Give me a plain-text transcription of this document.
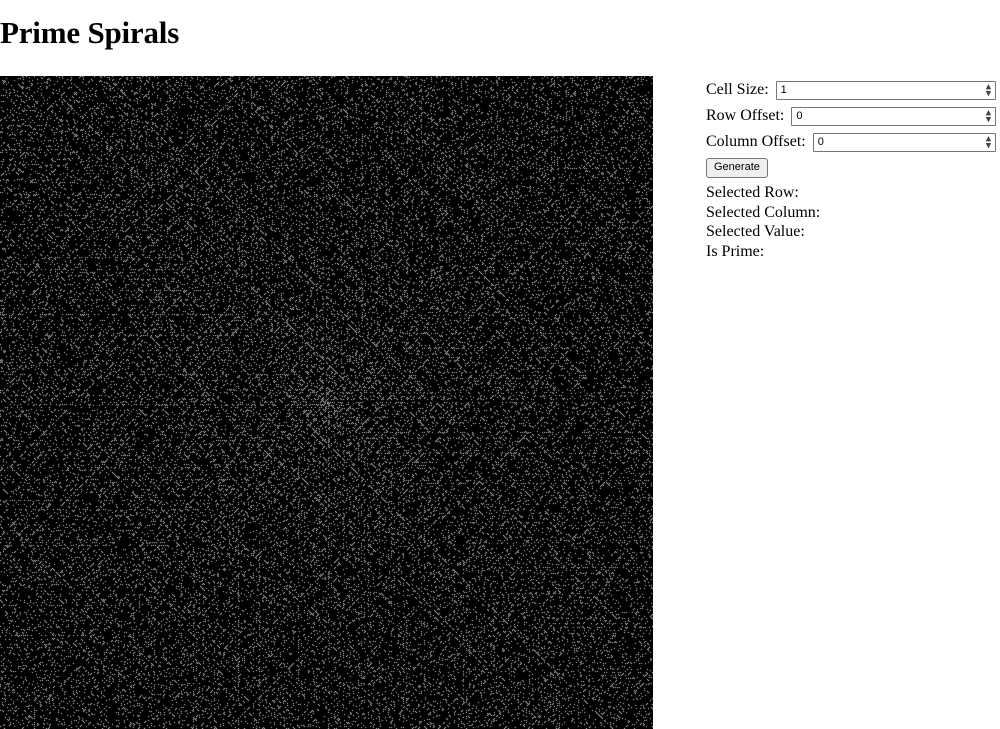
Prime Spirals
Cell Size:
1	▲
▼
Row Offset:
0	▲
▼
Column Offset:
0	▲
▼
Generate
Selected Row:
Selected Column:
Selected Value:
Is Prime:
